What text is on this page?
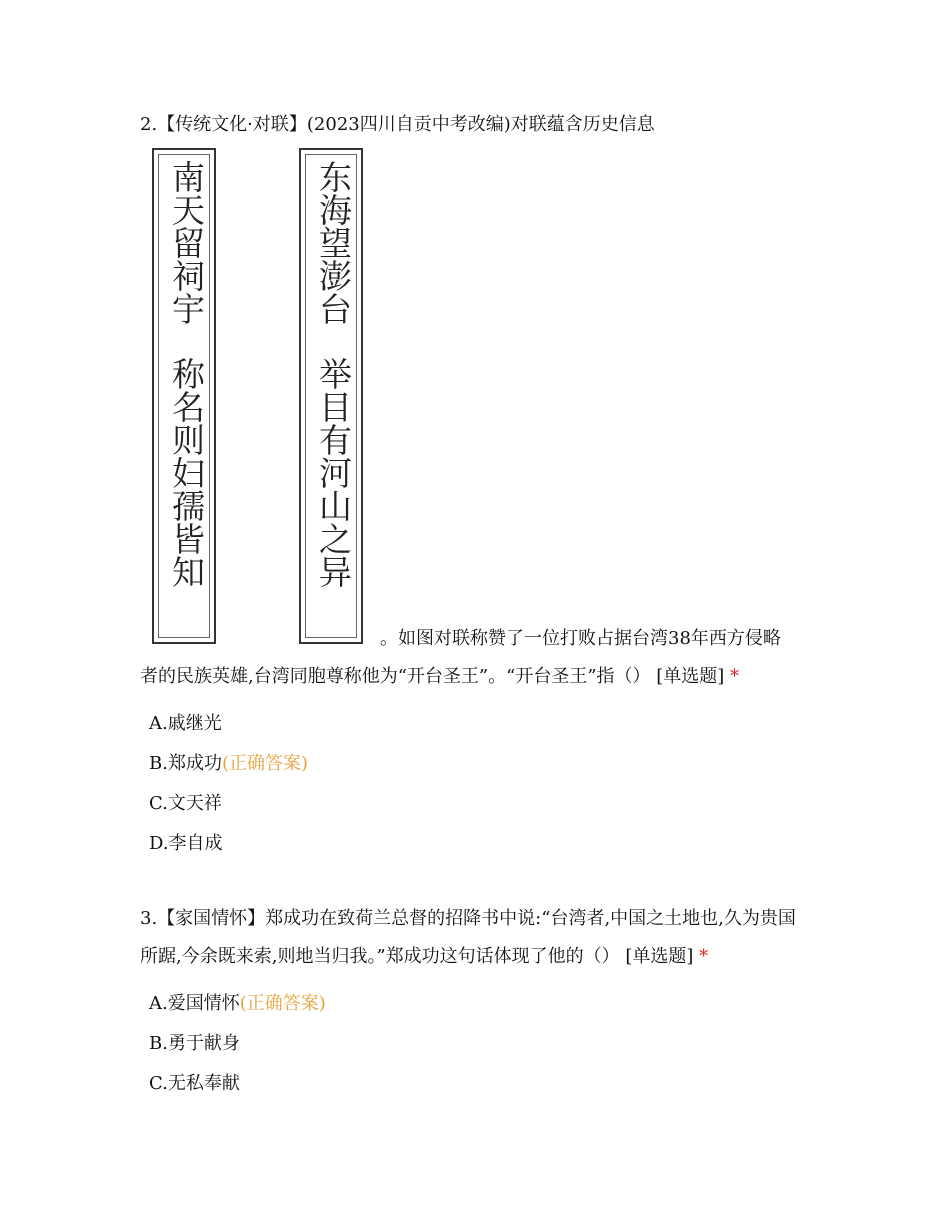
2.【传统文化·对联】(2023四川自贡中考改编)对联蕴含历史信息
南天留祠宇称名则妇孺皆知
东海望澎台举目有河山之异
。如图对联称赞了一位打败占据台湾38年西方侵略
者的民族英雄,台湾同胞尊称他为“开台圣王”。“开台圣王”指（） [单选题] *
A.戚继光
B.郑成功(正确答案)
C.文天祥
D.李自成
3.【家国情怀】郑成功在致荷兰总督的招降书中说:“台湾者,中国之土地也,久为贵国
所踞,今余既来索,则地当归我。”郑成功这句话体现了他的（） [单选题] *
A.爱国情怀(正确答案)
B.勇于献身
C.无私奉献
